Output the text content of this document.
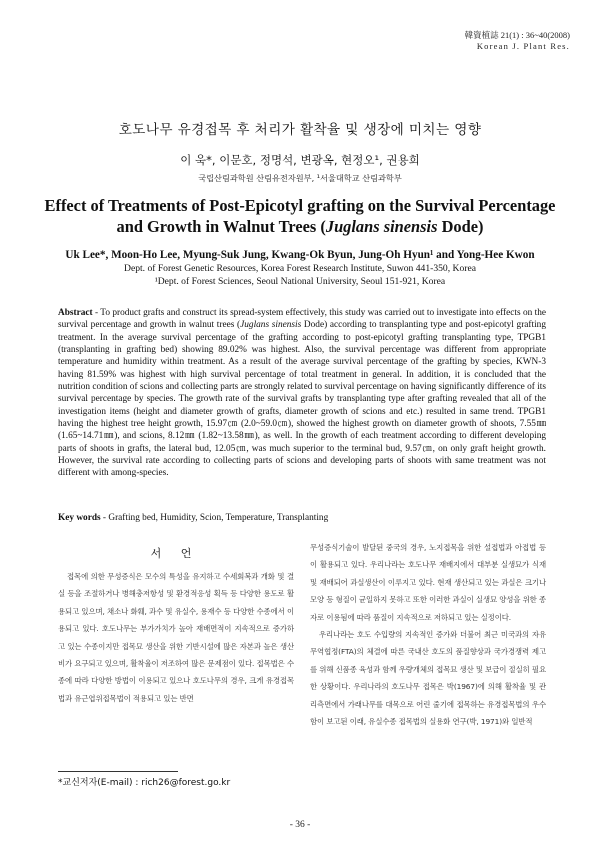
韓資植誌 21(1) : 36~40(2008)
Korean J. Plant Res.
호도나무 유경접목 후 처리가 활착율 및 생장에 미치는 영향
이 욱*, 이문호, 정명석, 변광옥, 현정오¹, 권용희
국립산림과학원 산림유전자원부, ¹서울대학교 산림과학부
Effect of Treatments of Post-Epicotyl grafting on the Survival Percentage
and Growth in Walnut Trees (Juglans sinensis Dode)
Uk Lee*, Moon-Ho Lee, Myung-Suk Jung, Kwang-Ok Byun, Jung-Oh Hyun¹ and Yong-Hee Kwon
Dept. of Forest Genetic Resources, Korea Forest Research Institute, Suwon 441-350, Korea
¹Dept. of Forest Sciences, Seoul National University, Seoul 151-921, Korea
Abstract - To product grafts and construct its spread-system effectively, this study was carried out to investigate into effects on the survival percentage and growth in walnut trees (Juglans sinensis Dode) according to transplanting type and post-epicotyl grafting treatment. In the average survival percentage of the grafting according to post-epicotyl grafting transplanting type, TPGB1 (transplanting in grafting bed) showing 89.02% was highest. Also, the survival percentage was different from appropriate temperature and humidity within treatment. As a result of the average survival percentage of the grafting by species, KWN-3 having 81.59% was highest with high survival percentage of total treatment in general. In addition, it is concluded that the nutrition condition of scions and collecting parts are strongly related to survival percentage on having significantly difference of its survival percentage by species. The growth rate of the survival grafts by transplanting type after grafting revealed that all of the investigation items (height and diameter growth of grafts, diameter growth of scions and etc.) resulted in same trend. TPGB1 having the highest tree height growth, 15.97㎝ (2.0~59.0㎝), showed the highest growth on diameter growth of shoots, 7.55㎜ (1.65~14.71㎜), and scions, 8.12㎜ (1.82~13.58㎜), as well. In the growth of each treatment according to different developing parts of shoots in grafts, the lateral bud, 12.05㎝, was much superior to the terminal bud, 9.57㎝, on only graft height growth. However, the survival rate according to collecting parts of scions and developing parts of shoots with same treatment was not different with among-species.
Key words - Grafting bed, Humidity, Scion, Temperature, Transplanting
서 언

접목에 의한 무성증식은 모수의 특성을 유지하고 수세회복과 개화 및 결실 등을 조절하거나 병해충저항성 및 환경적응성 획득 등 다양한 용도로 활용되고 있으며, 채소나 화훼, 과수 및 유실수, 용재수 등 다양한 수종에서 이용되고 있다. 호도나무는 부가가치가 높아 재배면적이 지속적으로 증가하고 있는 수종이지만 접목묘 생산을 위한 기반시설에 많은 자본과 높은 생산비가 요구되고 있으며, 활착율이 저조하여 많은 문제점이 있다. 접목법은 수종에 따라 다양한 방법이 이용되고 있으나 호도나무의 경우, 크게 유경접목법과 유근엽위접목법이 적용되고 있는 반면

무성증식기술이 발달된 중국의 경우, 노지접목을 위한 설접법과 아접법 등이 활용되고 있다. 우리나라는 호도나무 재배지에서 대부분 실생묘가 식재 및 재배되어 과실생산이 이루지고 있다. 현재 생산되고 있는 과실은 크기나 모양 등 형질이 균일하지 못하고 또한 이러한 과실이 실생묘 양성을 위한 종자로 이용됨에 따라 품질이 지속적으로 저하되고 있는 실정이다.

우리나라는 호도 수입량의 지속적인 증가와 더불어 최근 미국과의 자유무역협정(FTA)의 체결에 따른 국내산 호도의 품질향상과 국가경쟁력 제고를 위해 신품종 육성과 함께 우량개체의 접목묘 생산 및 보급이 절실히 필요한 상황이다. 우리나라의 호도나무 접목은 박(1967)에 의해 활착율 및 관리측면에서 가래나무를 대목으로 어린 줄기에 접목하는 유경접목법의 우수함이 보고된 이래, 유실수종 접목법의 실용화 연구(박, 1971)와 일반적

*교신저자(E-mail) : rich26@forest.go.kr
- 36 -
